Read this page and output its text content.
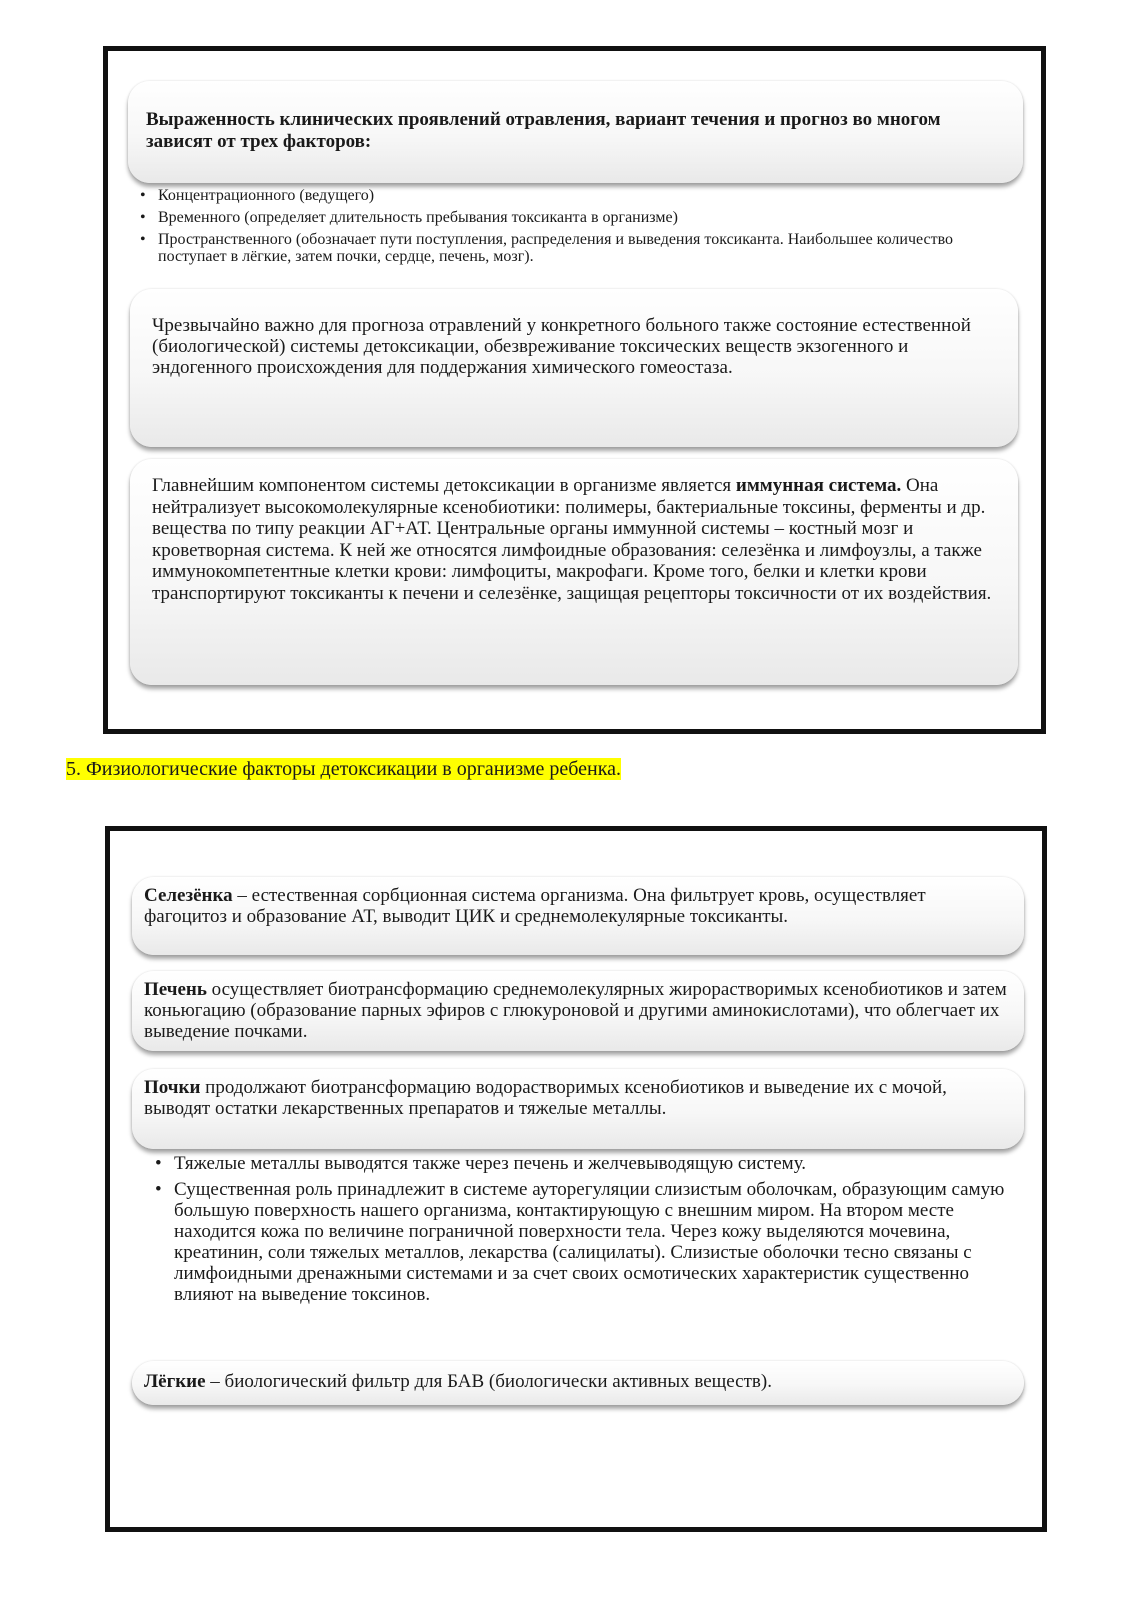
Выраженность клинических проявлений отравления, вариант течения и прогноз во многом зависят от трех факторов:

• Концентрационного (ведущего)
• Временного (определяет длительность пребывания токсиканта в организме)
• Пространственного (обозначает пути поступления, распределения и выведения токсиканта. Наибольшее количество поступает в лёгкие, затем почки, сердце, печень, мозг).

Чрезвычайно важно для прогноза отравлений у конкретного больного также состояние естественной (биологической) системы детоксикации, обезвреживание токсических веществ экзогенного и эндогенного происхождения для поддержания химического гомеостаза.

Главнейшим компонентом системы детоксикации в организме является иммунная система. Она нейтрализует высокомолекулярные ксенобиотики: полимеры, бактериальные токсины, ферменты и др. вещества по типу реакции АГ+АТ. Центральные органы иммунной системы – костный мозг и кроветворная система. К ней же относятся лимфоидные образования: селезёнка и лимфоузлы, а также иммунокомпетентные клетки крови: лимфоциты, макрофаги. Кроме того, белки и клетки крови транспортируют токсиканты к печени и селезёнке, защищая рецепторы токсичности от их воздействия.

5. Физиологические факторы детоксикации в организме ребенка.

Селезёнка – естественная сорбционная система организма. Она фильтрует кровь, осуществляет фагоцитоз и образование АТ, выводит ЦИК и среднемолекулярные токсиканты.

Печень осуществляет биотрансформацию среднемолекулярных жирорастворимых ксенобиотиков и затем коньюгацию (образование парных эфиров с глюкуроновой и другими аминокислотами), что облегчает их выведение почками.

Почки продолжают биотрансформацию водорастворимых ксенобиотиков и выведение их с мочой, выводят остатки лекарственных препаратов и тяжелые металлы.

• Тяжелые металлы выводятся также через печень и желчевыводящую систему.
• Существенная роль принадлежит в системе ауторегуляции слизистым оболочкам, образующим самую большую поверхность нашего организма, контактирующую с внешним миром. На втором месте находится кожа по величине пограничной поверхности тела. Через кожу выделяются мочевина, креатинин, соли тяжелых металлов, лекарства (салицилаты). Слизистые оболочки тесно связаны с лимфоидными дренажными системами и за счет своих осмотических характеристик существенно влияют на выведение токсинов.

Лёгкие – биологический фильтр для БАВ (биологически активных веществ).
